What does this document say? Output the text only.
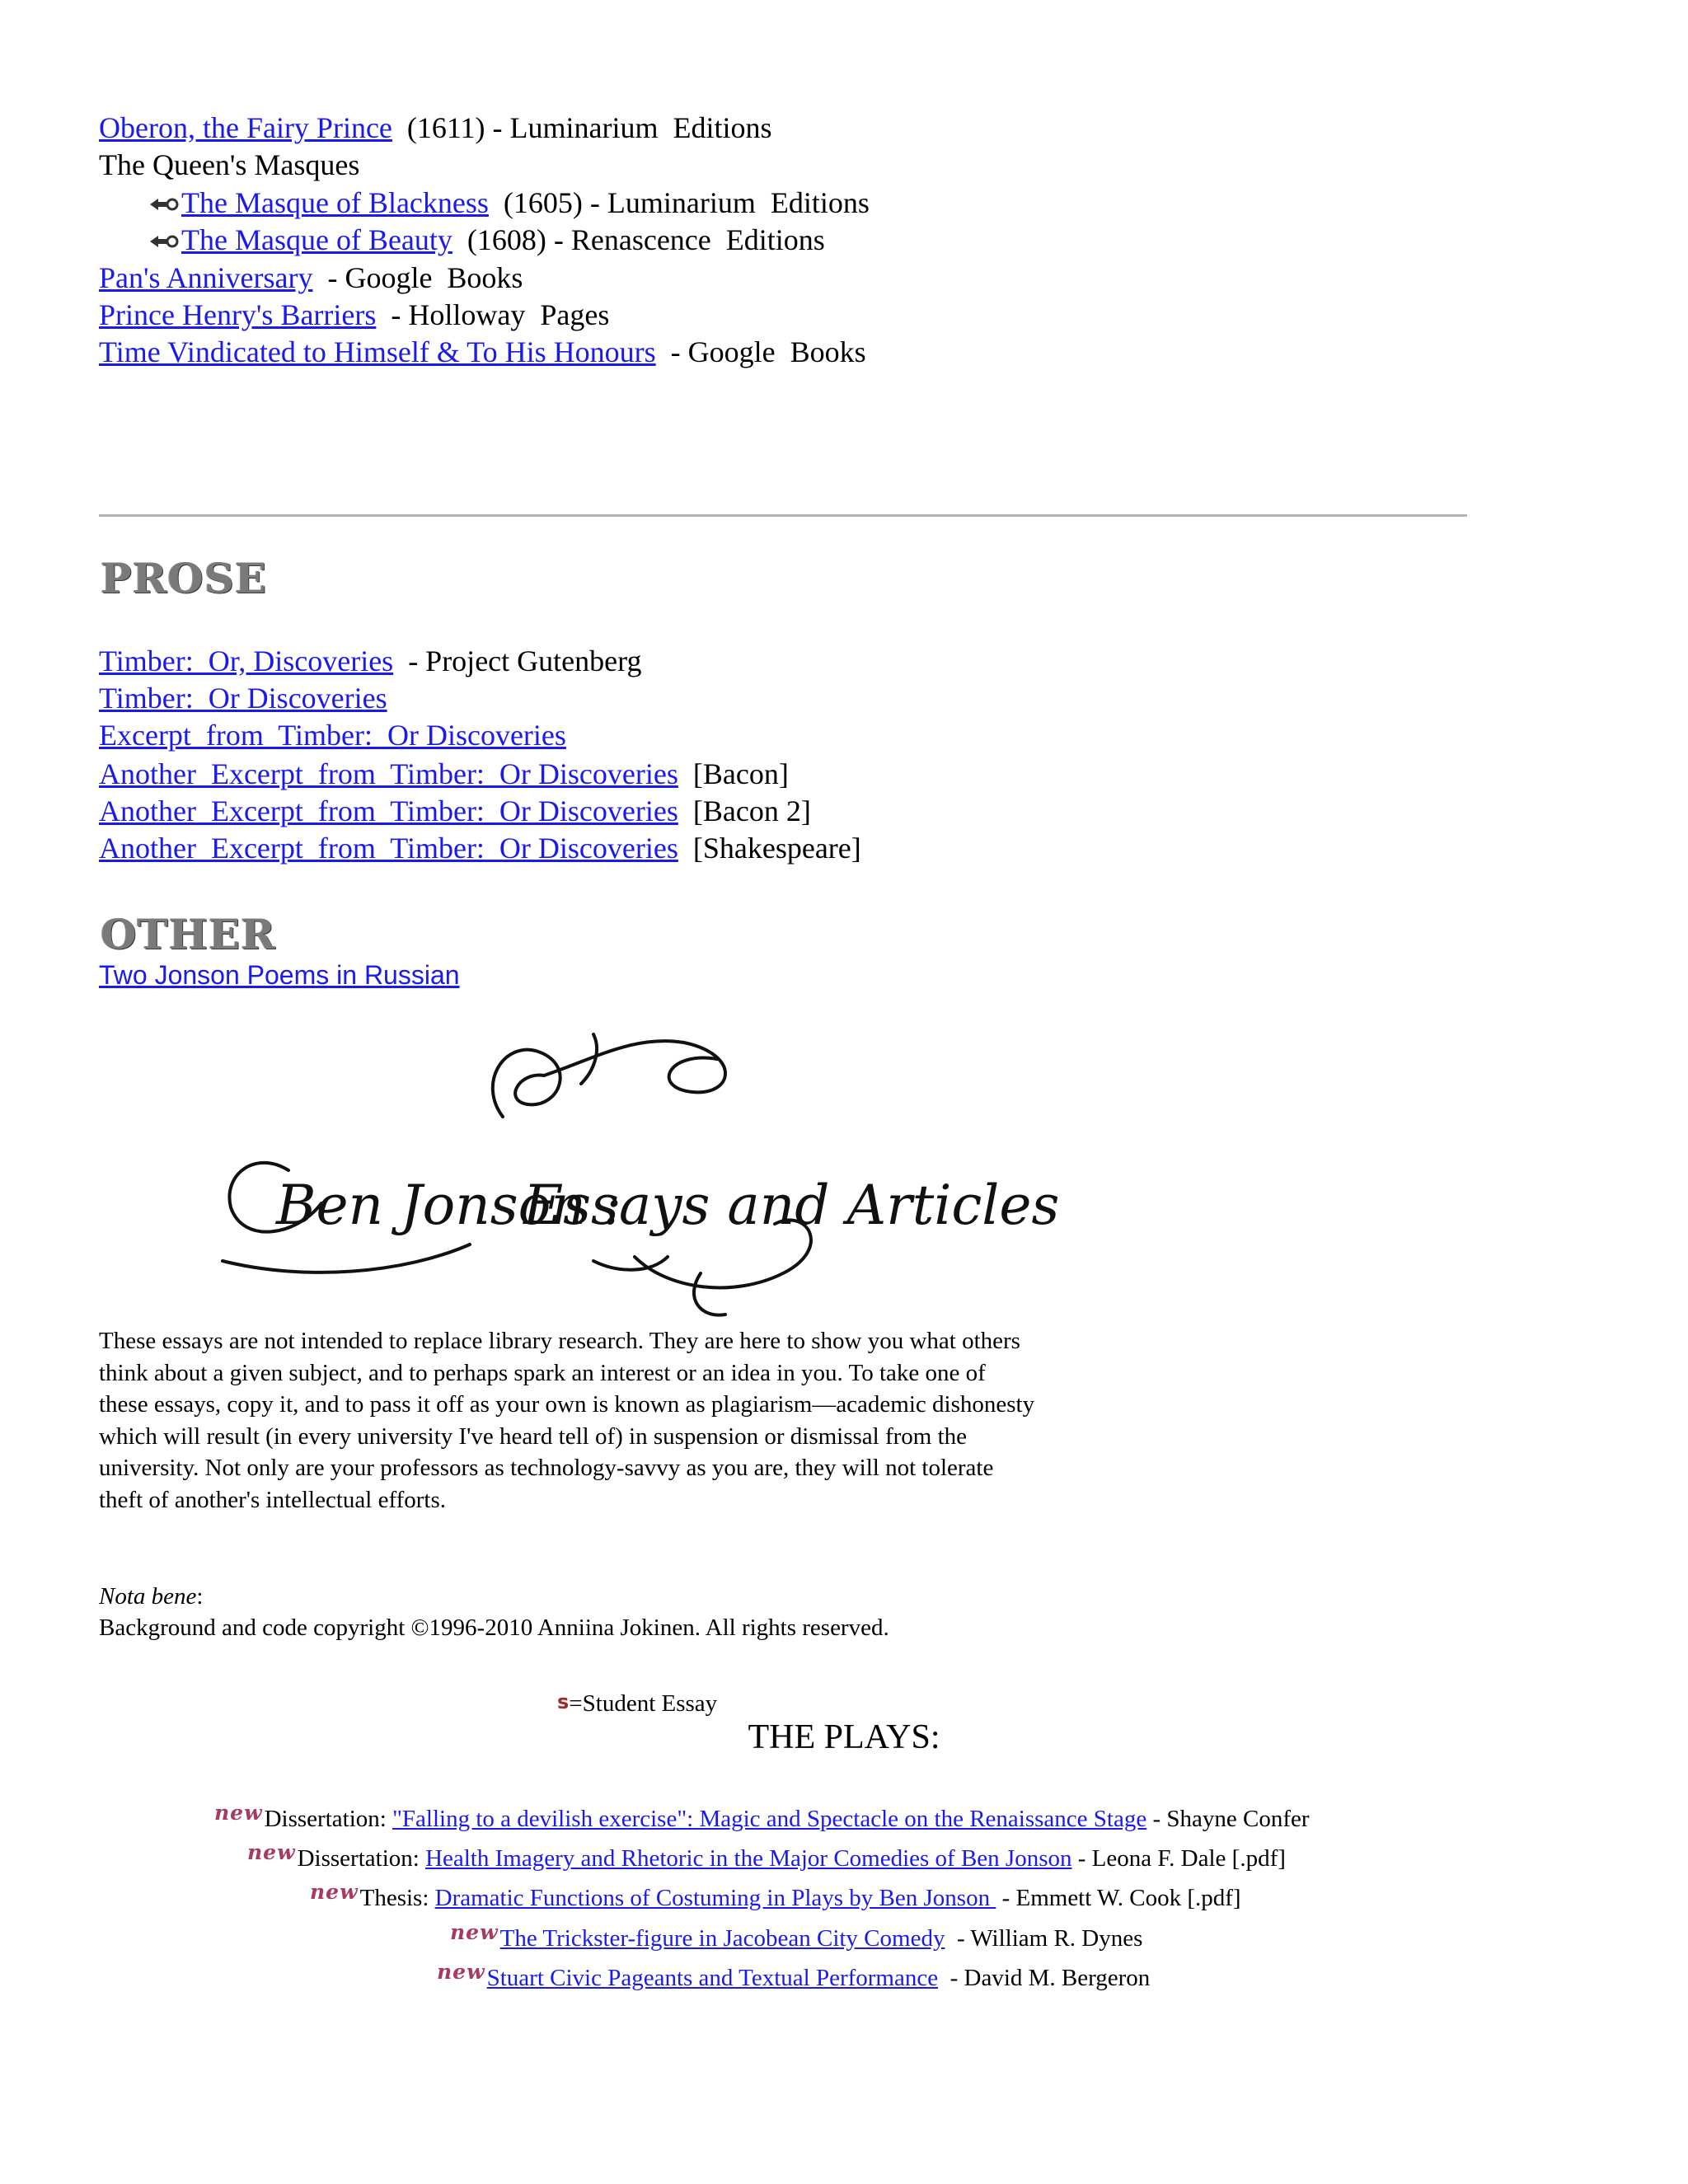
Oberon, the Fairy Prince  (1611) - Luminarium  Editions
The Queen's Masques
The Masque of Blackness  (1605) - Luminarium  Editions
The Masque of Beauty  (1608) - Renascence  Editions
Pan's Anniversary  - Google  Books
Prince Henry's Barriers  - Holloway  Pages
Time Vindicated to Himself & To His Honours  - Google  Books
PROSE
Timber:  Or, Discoveries  - Project Gutenberg
Timber:  Or Discoveries
Excerpt  from  Timber:  Or Discoveries
Another  Excerpt  from  Timber:  Or Discoveries  [Bacon]
Another  Excerpt  from  Timber:  Or Discoveries  [Bacon 2]
Another  Excerpt  from  Timber:  Or Discoveries  [Shakespeare]
OTHER
Two Jonson Poems in Russian
Ben Jonson :
Essays and Articles
These essays are not intended to replace library research. They are here to show you what others think about a given subject, and to perhaps spark an interest or an idea in you. To take one of these essays, copy it, and to pass it off as your own is known as plagiarism—academic dishonesty which will result (in every university I've heard tell of) in suspension or dismissal from the university. Not only are your professors as technology-savvy as you are, they will not tolerate theft of another's intellectual efforts.
Nota bene:
Background and code copyright ©1996-2010 Anniina Jokinen. All rights reserved.
s=Student Essay
THE PLAYS:
newDissertation: "Falling to a devilish exercise": Magic and Spectacle on the Renaissance Stage - Shayne Confer
newDissertation: Health Imagery and Rhetoric in the Major Comedies of Ben Jonson - Leona F. Dale [.pdf]
newThesis: Dramatic Functions of Costuming in Plays by Ben Jonson  - Emmett W. Cook [.pdf]
newThe Trickster-figure in Jacobean City Comedy  - William R. Dynes
newStuart Civic Pageants and Textual Performance  - David M. Bergeron
